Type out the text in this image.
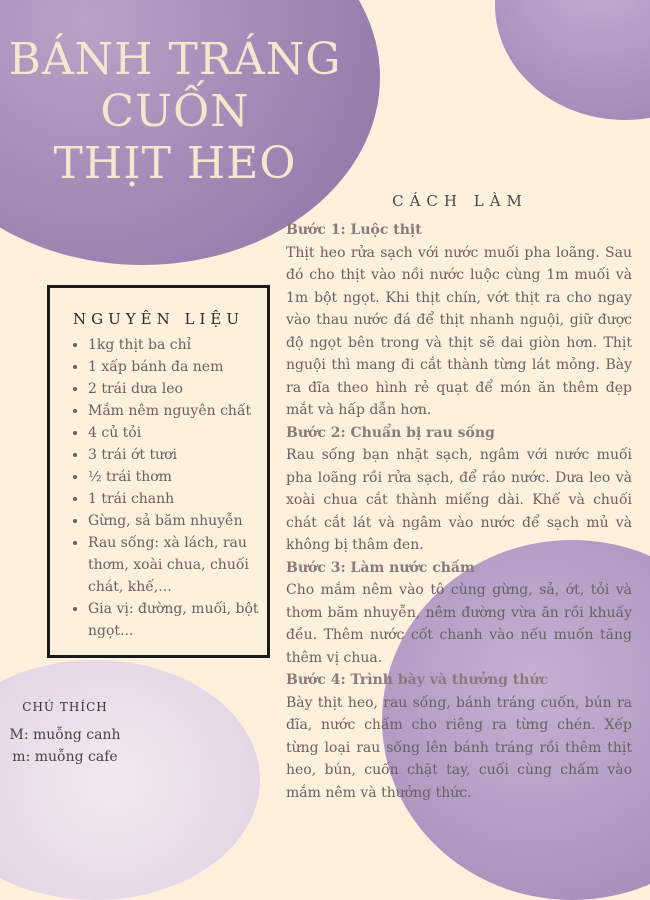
BÁNH TRÁNG
CUỐN
THỊT HEO
CÁCH LÀM
Bước 1: Luộc thịt

Thịt heo rửa sạch với nước muối pha loãng. Sau đó cho thịt vào nồi nước luộc cùng 1m muối và 1m bột ngọt. Khi thịt chín, vớt thịt ra cho ngay vào thau nước đá để thịt nhanh nguội, giữ được độ ngọt bên trong và thịt sẽ dai giòn hơn. Thịt nguội thì mang đi cắt thành từng lát mỏng. Bày ra đĩa theo hình rẻ quạt để món ăn thêm đẹp mắt và hấp dẫn hơn.

Bước 2: Chuẩn bị rau sống

Rau sống bạn nhặt sạch, ngâm với nước muối pha loãng rồi rửa sạch, để ráo nước. Dưa leo và xoài chua cắt thành miếng dài. Khế và chuối chát cắt lát và ngâm vào nước để sạch mủ và không bị thâm đen.

Bước 3: Làm nước chấm

Cho mắm nêm vào tô cùng gừng, sả, ớt, tỏi và thơm băm nhuyễn, nêm đường vừa ăn rồi khuấy đều. Thêm nước cốt chanh vào nếu muốn tăng thêm vị chua.

Bước 4: Trình bày và thưởng thức

Bày thịt heo, rau sống, bánh tráng cuốn, bún ra đĩa, nước chấm cho riêng ra từng chén. Xếp từng loại rau sống lên bánh tráng rồi thêm thịt heo, bún, cuốn chặt tay, cuối cùng chấm vào mắm nêm và thưởng thức.

NGUYÊN LIỆU
• 1kg thịt ba chỉ
• 1 xấp bánh đa nem
• 2 trái dưa leo
• Mắm nêm nguyên chất
• 4 củ tỏi
• 3 trái ớt tươi
• ½ trái thơm
• 1 trái chanh
• Gừng, sả băm nhuyễn
• Rau sống: xà lách, rau thơm, xoài chua, chuối chát, khế,...
• Gia vị: đường, muối, bột ngọt...
CHÚ THÍCH
M: muỗng canh
m: muỗng cafe
